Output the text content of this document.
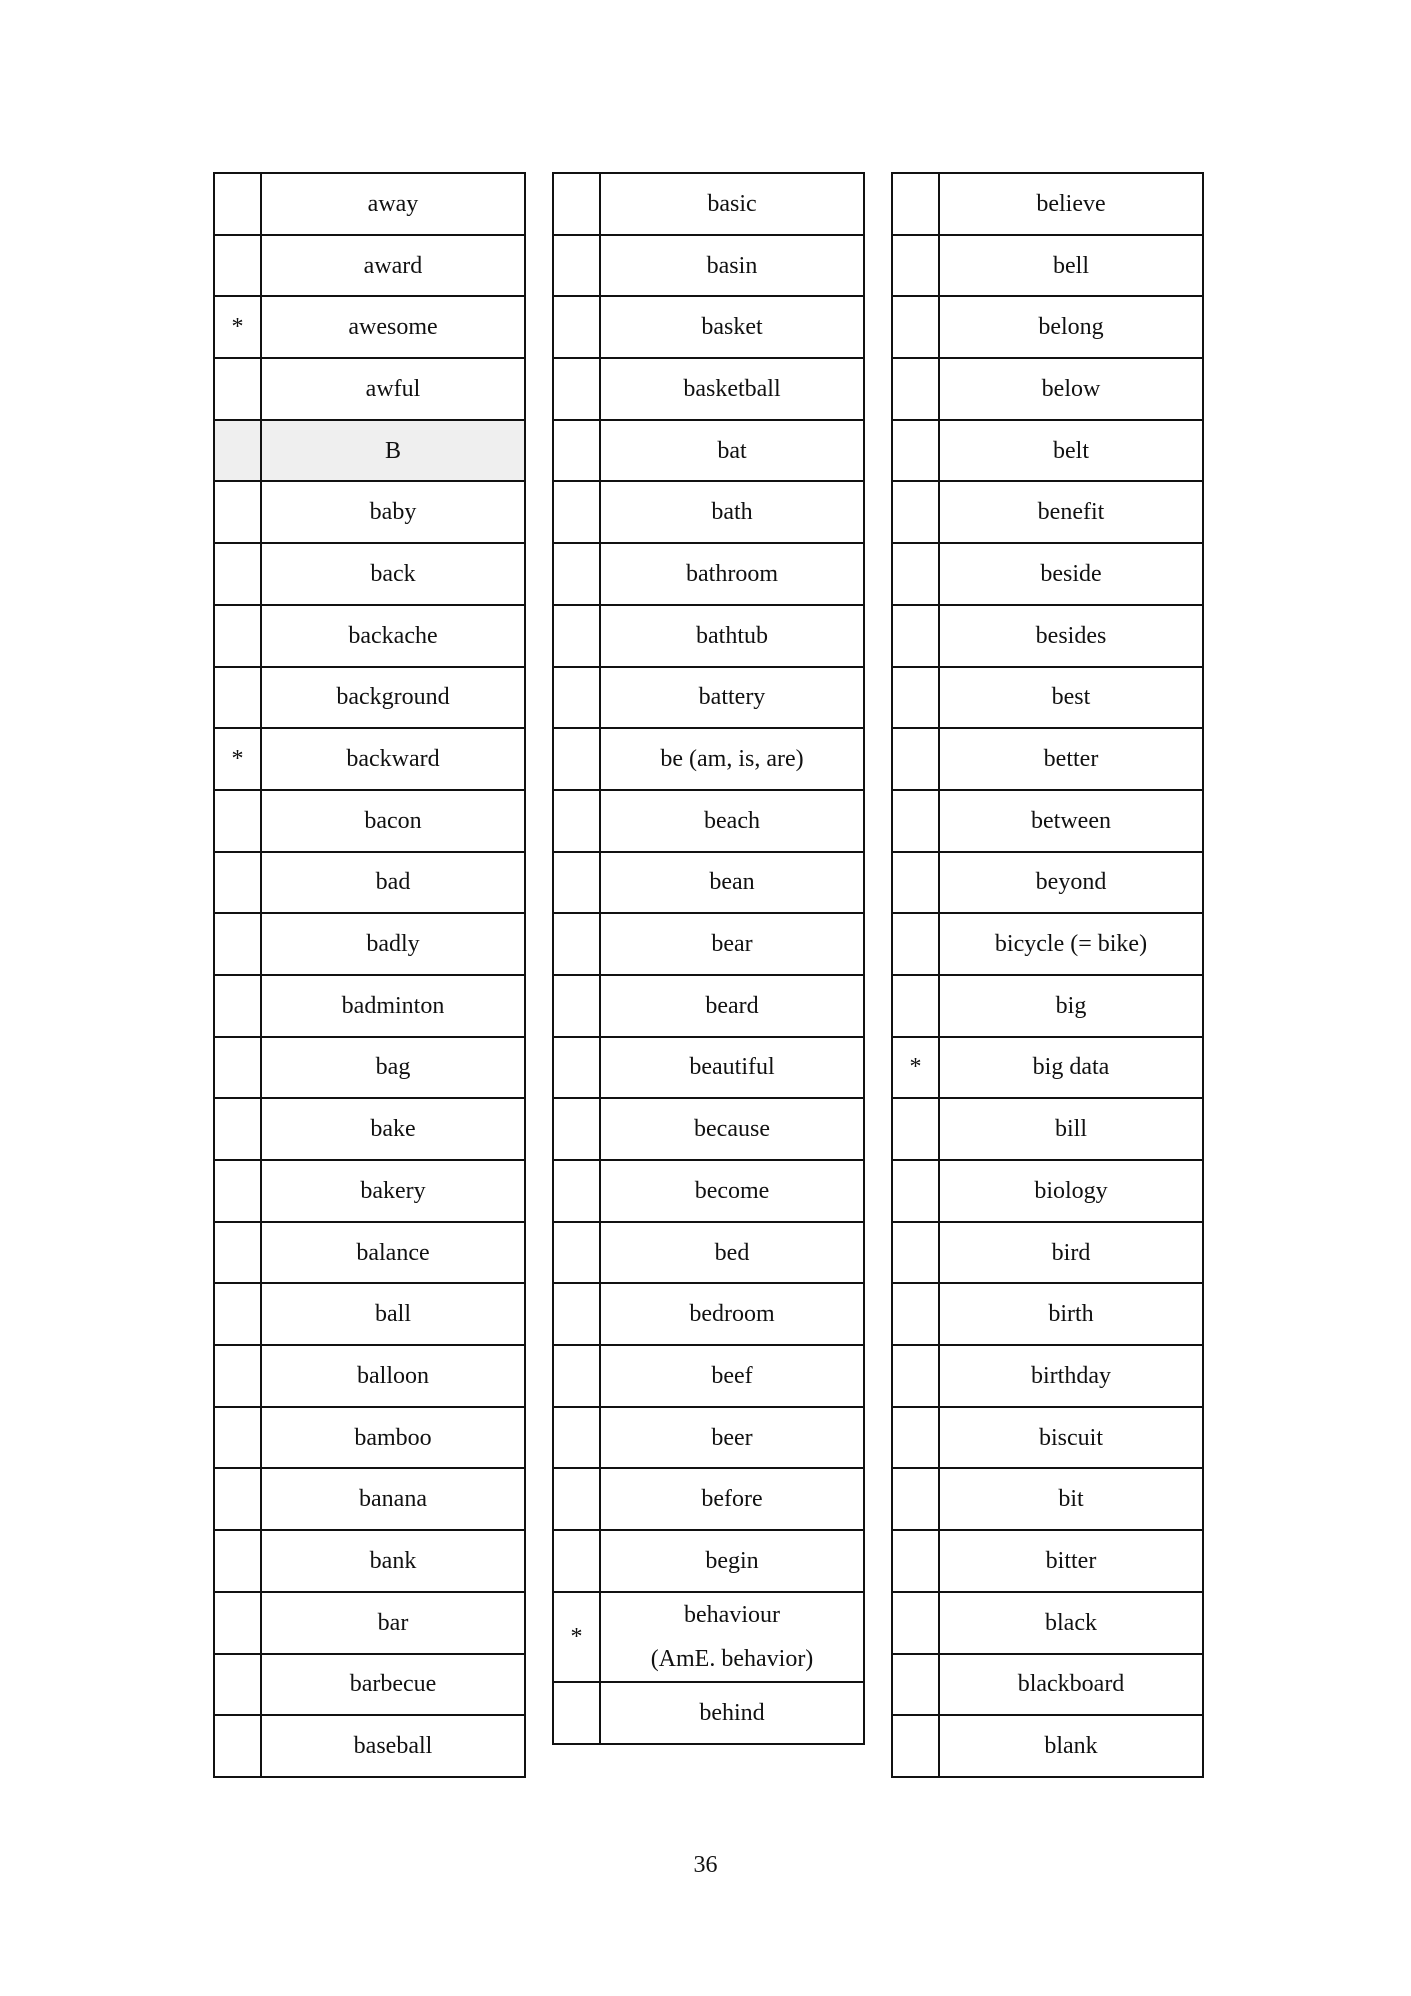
	away
	award
*	awesome
	awful
	B
	baby
	back
	backache
	background
*	backward
	bacon
	bad
	badly
	badminton
	bag
	bake
	bakery
	balance
	ball
	balloon
	bamboo
	banana
	bank
	bar
	barbecue
	baseball
	basic
	basin
	basket
	basketball
	bat
	bath
	bathroom
	bathtub
	battery
	be (am, is, are)
	beach
	bean
	bear
	beard
	beautiful
	because
	become
	bed
	bedroom
	beef
	beer
	before
	begin
*	behaviour
(AmE. behavior)

	behind
	believe
	bell
	belong
	below
	belt
	benefit
	beside
	besides
	best
	better
	between
	beyond
	bicycle (= bike)
	big
*	big data
	bill
	biology
	bird
	birth
	birthday
	biscuit
	bit
	bitter
	black
	blackboard
	blank
36
